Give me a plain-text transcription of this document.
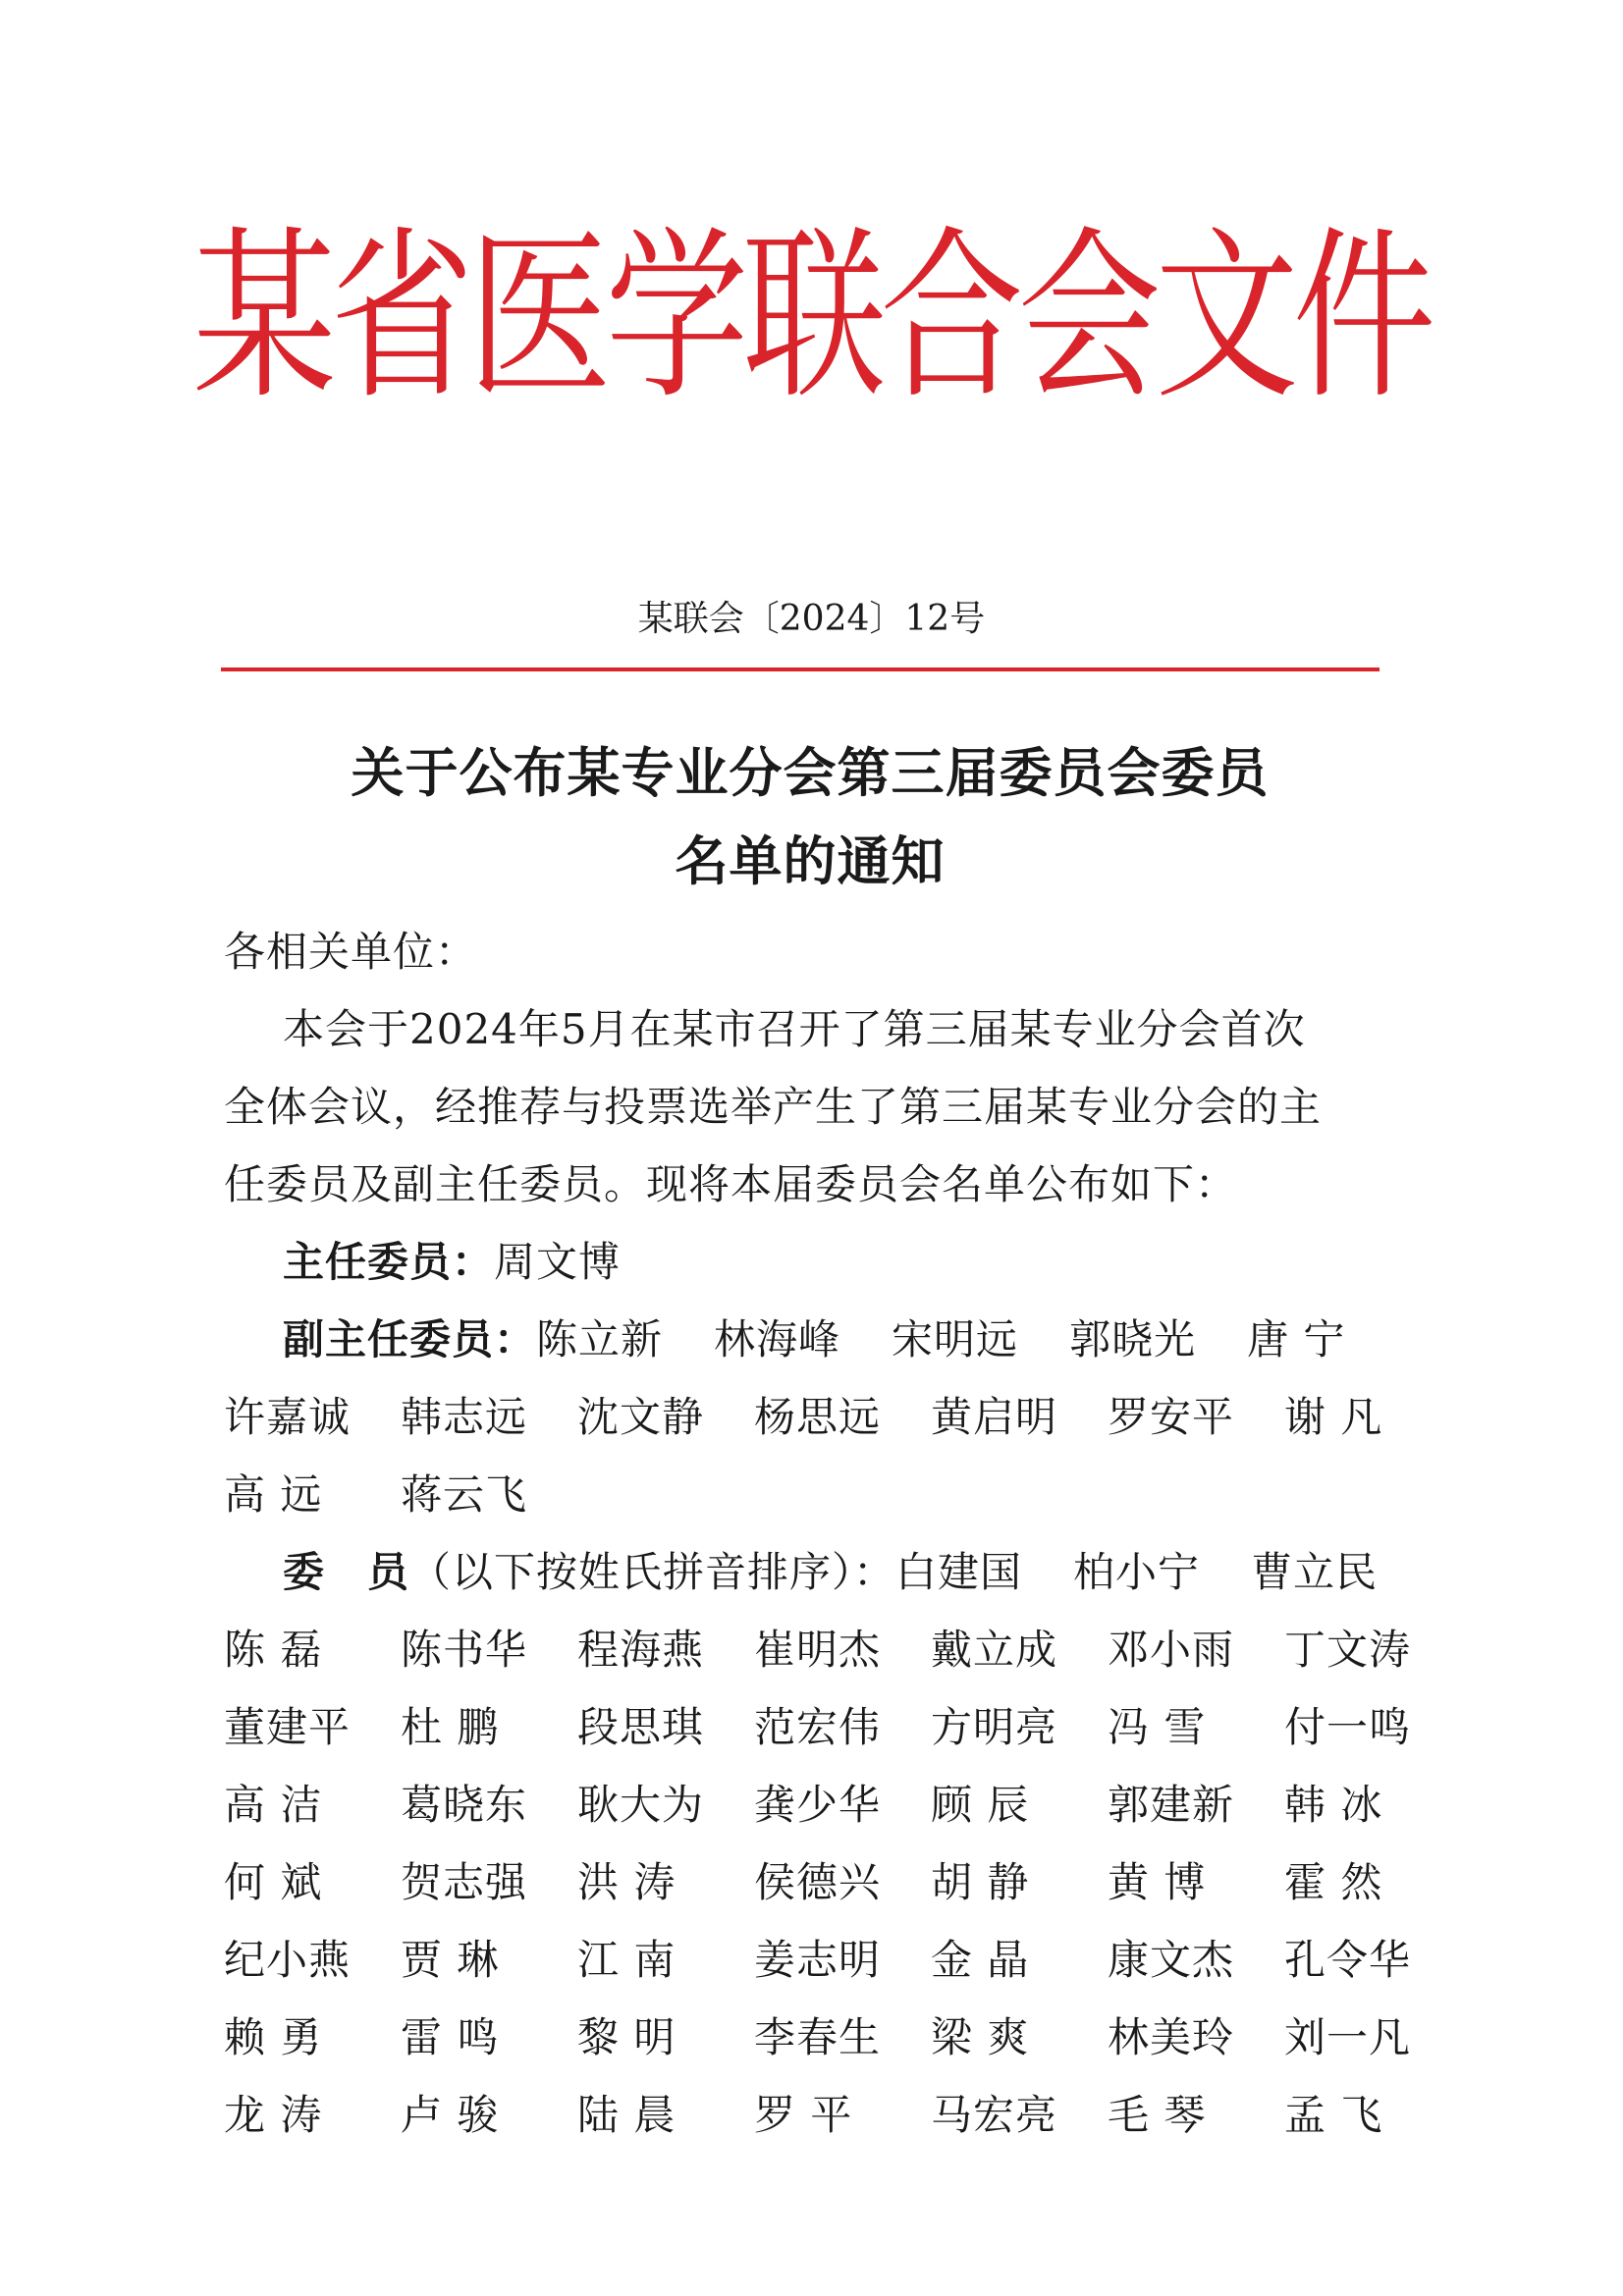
某省医学联合会文件
某联会〔2024〕12号
关于公布某专业分会第三届委员会委员
名单的通知

各相关单位：

本会于2024年5月在某市召开了第三届某专业分会首次

全体会议，经推荐与投票选举产生了第三届某专业分会的主

任委员及副主任委员。现将本届委员会名单公布如下：

主任委员：周文博

副主任委员：陈立新 林海峰 宋明远 郭晓光 唐 宁

许嘉诚	韩志远	沈文静	杨思远	黄启明	罗安平	谢 凡

高 远	蒋云飞

委　员（以下按姓氏拼音排序）：白建国 柏小宁 曹立民

陈 磊	陈书华	程海燕	崔明杰	戴立成	邓小雨	丁文涛

董建平	杜 鹏	段思琪	范宏伟	方明亮	冯 雪	付一鸣

高 洁	葛晓东	耿大为	龚少华	顾 辰	郭建新	韩 冰

何 斌	贺志强	洪 涛	侯德兴	胡 静	黄 博	霍 然

纪小燕	贾 琳	江 南	姜志明	金 晶	康文杰	孔令华

赖 勇	雷 鸣	黎 明	李春生	梁 爽	林美玲	刘一凡

龙 涛	卢 骏	陆 晨	罗 平	马宏亮	毛 琴	孟 飞
